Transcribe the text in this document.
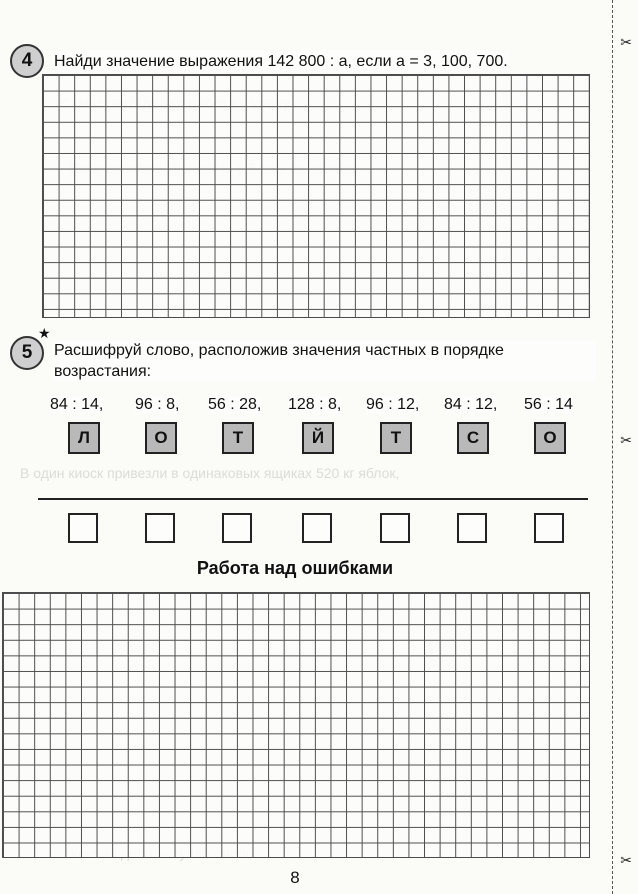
В один киоск привезли в одинаковых ящиках 520 кг яблок,
4	Найди значение выражения 142 800 : a, если a = 3, 100, 700.
★
5	Расшифруй слово, расположив значения частных в порядке возрастания:
84 : 14, 96 : 8, 56 : 28, 128 : 8, 96 : 12, 84 : 12, 56 : 14
Л	О	Т	Й	Т	С	О
Работа над ошибками
✂
✂
✂
8
